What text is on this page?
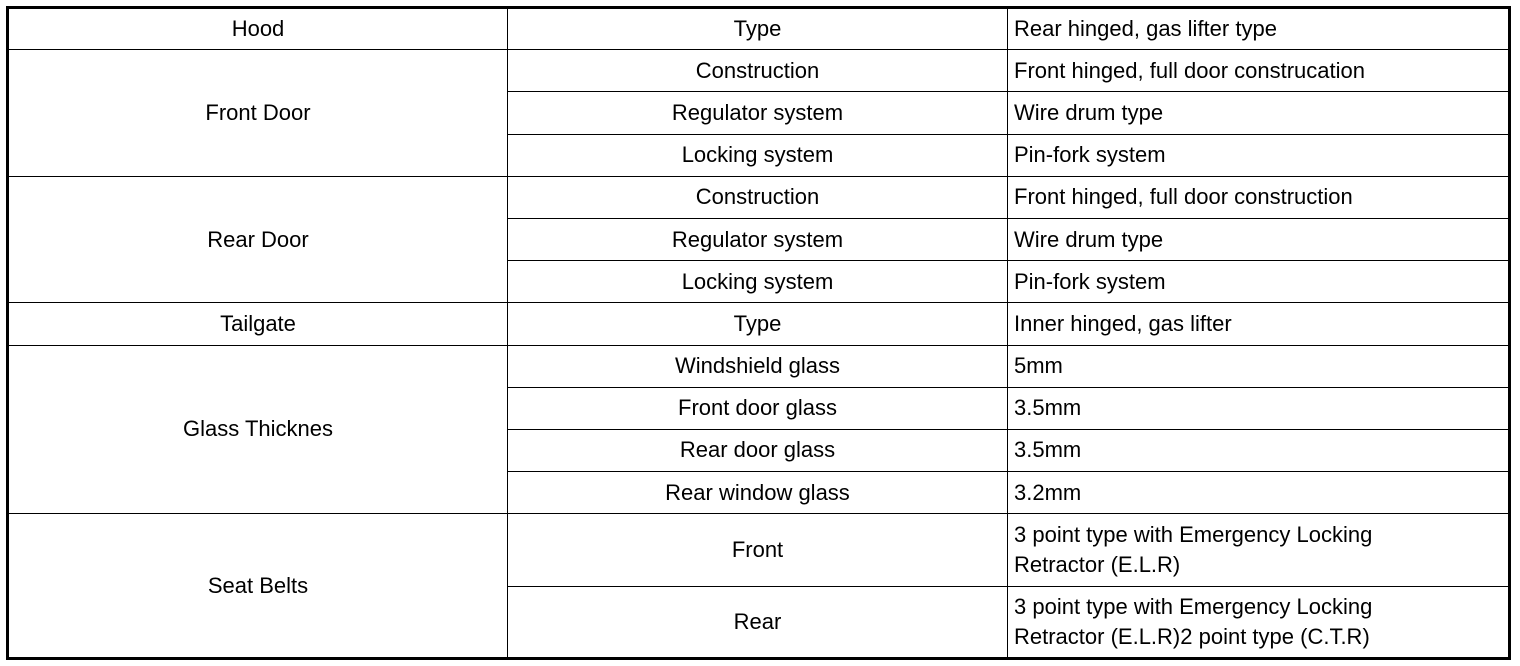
Hood	Type	Rear hinged, gas lifter type
Front Door	Construction	Front hinged, full door construcation
	Regulator system	Wire drum type
	Locking system	Pin-fork system
Rear Door	Construction	Front hinged, full door construction
	Regulator system	Wire drum type
	Locking system	Pin-fork system
Tailgate	Type	Inner hinged, gas lifter
Glass Thicknes	Windshield glass	5mm
	Front door glass	3.5mm
	Rear door glass	3.5mm
	Rear window glass	3.2mm
Seat Belts	Front	3 point type with Emergency Locking
Retractor (E.L.R)
	Rear	3 point type with Emergency Locking
Retractor (E.L.R)2 point type (C.T.R)
